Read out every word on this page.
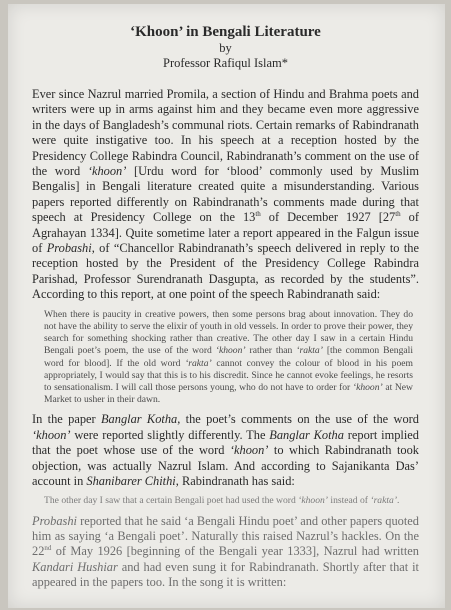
‘Khoon’ in Bengali Literature

by

Professor Rafiqul Islam*

Ever since Nazrul married Promila, a section of Hindu and Brahma poets and writers were up in arms against him and they became even more aggressive in the days of Bangladesh’s communal riots. Certain remarks of Rabindranath were quite instigative too. In his speech at a reception hosted by the Presidency College Rabindra Council, Rabindranath’s comment on the use of the word ‘khoon’ [Urdu word for ‘blood’ commonly used by Muslim Bengalis] in Bengali literature created quite a misunderstanding. Various papers reported differently on Rabindranath’s comments made during that speech at Presidency College on the 13th of December 1927 [27th of Agrahayan 1334]. Quite sometime later a report appeared in the Falgun issue of Probashi, of “Chancellor Rabindranath’s speech delivered in reply to the reception hosted by the President of the Presidency College Rabindra Parishad, Professor Surendranath Dasgupta, as recorded by the students”. According to this report, at one point of the speech Rabindranath said:

When there is paucity in creative powers, then some persons brag about innovation. They do not have the ability to serve the elixir of youth in old vessels. In order to prove their power, they search for something shocking rather than creative. The other day I saw in a certain Hindu Bengali poet’s poem, the use of the word ‘khoon’ rather than ‘rakta’ [the common Bengali word for blood]. If the old word ‘rakta’ cannot convey the colour of blood in his poem appropriately, I would say that this is to his discredit. Since he cannot evoke feelings, he resorts to sensationalism. I will call those persons young, who do not have to order for ‘khoon’ at New Market to usher in their dawn.

In the paper Banglar Kotha, the poet’s comments on the use of the word ‘khoon’ were reported slightly differently. The Banglar Kotha report implied that the poet whose use of the word ‘khoon’ to which Rabindranath took objection, was actually Nazrul Islam. And according to Sajanikanta Das’ account in Shanibarer Chithi, Rabindranath has said:

The other day I saw that a certain Bengali poet had used the word ‘khoon’ instead of ‘rakta’.

Probashi reported that he said ‘a Bengali Hindu poet’ and other papers quoted him as saying ‘a Bengali poet’. Naturally this raised Nazrul’s hackles. On the 22nd of May 1926 [beginning of the Bengali year 1333], Nazrul had written Kandari Hushiar and had even sung it for Rabindranath. Shortly after that it appeared in the papers too. In the song it is written:
